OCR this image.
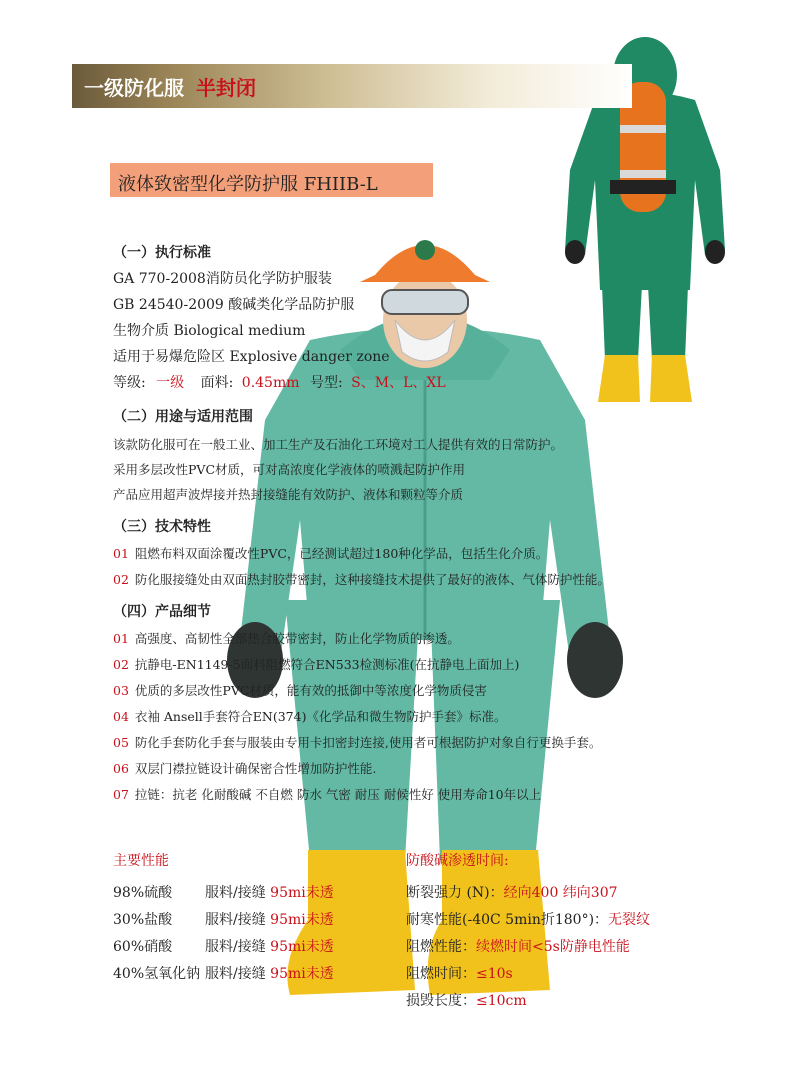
一级防化服 半封闭
液体致密型化学防护服 FHIIB-L
（一）执行标准
GA 770-2008消防员化学防护服装
GB 24540-2009 酸碱类化学品防护服
生物介质 Biological medium
适用于易爆危险区 Explosive danger zone
等级: 一级 面料: 0.45mm 号型: S、M、L、XL
（二）用途与适用范围
该款防化服可在一般工业、加工生产及石油化工环境对工人提供有效的日常防护。
采用多层改性PVC材质，可对高浓度化学液体的喷溅起防护作用
产品应用超声波焊接并热封接缝能有效防护、液体和颗粒等介质
（三）技术特性
01 阻燃布料双面涂覆改性PVC，已经测试超过180种化学品，包括生化介质。
02 防化服接缝处由双面热封胶带密封，这种接缝技术提供了最好的液体、气体防护性能。
（四）产品细节
01 高强度、高韧性全部热合胶带密封，防止化学物质的渗透。
02 抗静电-EN1149-5面料阻燃符合EN533检测标准(在抗静电上面加上)
03 优质的多层改性PVC材质，能有效的抵御中等浓度化学物质侵害
04 衣袖 Ansell手套符合EN(374)《化学品和微生物防护手套》标准。
05 防化手套防化手套与服装由专用卡扣密封连接,使用者可根据防护对象自行更换手套。
06 双层门襟拉链设计确保密合性增加防护性能.
07 拉链：抗老 化耐酸碱 不自燃 防水 气密 耐压 耐候性好 使用寿命10年以上
主要性能
98%硫酸 服料/接缝 95mi未透
30%盐酸 服料/接缝 95mi未透
60%硝酸 服料/接缝 95mi未透
40%氢氧化钠 服料/接缝 95mi未透
防酸碱渗透时间:
断裂强力 (N)：经向400 纬向307
耐寒性能(-40C 5min折180°)：无裂纹
阻燃性能：续燃时间<5s防静电性能
阻燃时间：≤10s
损毁长度：≤10cm
